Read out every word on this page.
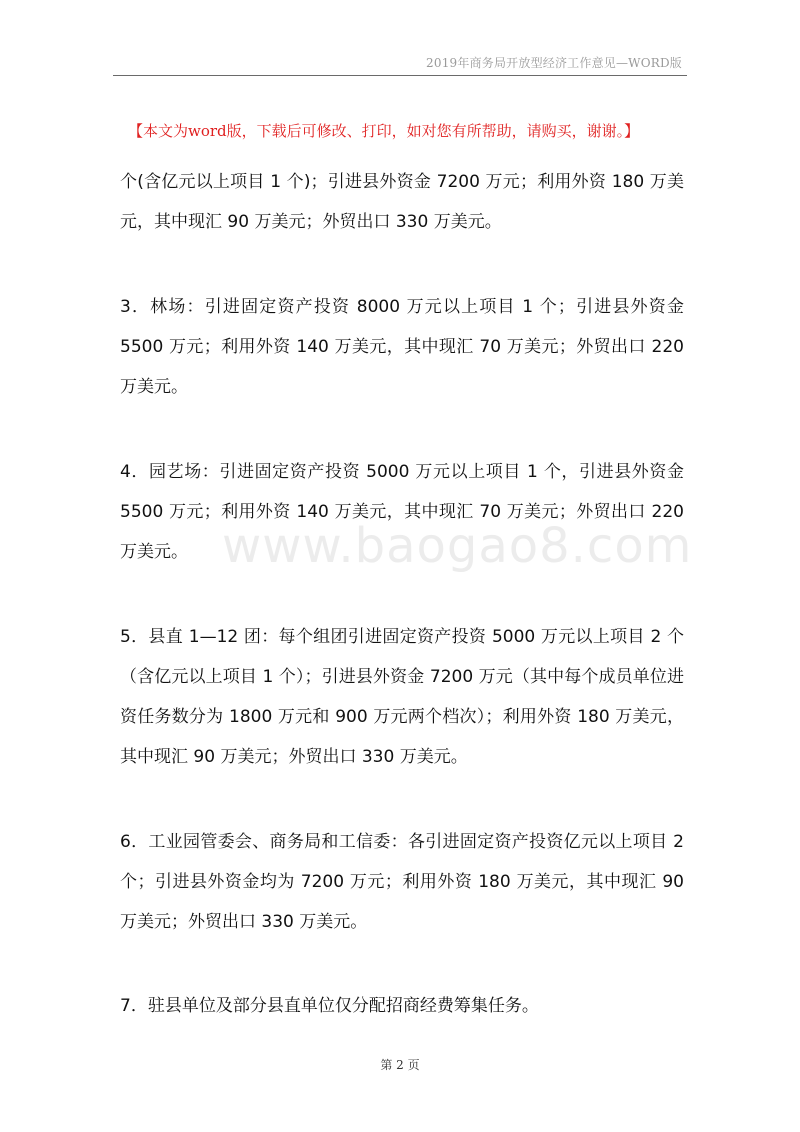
2019年商务局开放型经济工作意见—WORD版
【本文为word版，下载后可修改、打印，如对您有所帮助，请购买，谢谢。】

个(含亿元以上项目 1 个)；引进县外资金 7200 万元；利用外资 180 万美元，其中现汇 90 万美元；外贸出口 330 万美元。

3．林场：引进固定资产投资 8000 万元以上项目 1 个；引进县外资金 5500 万元；利用外资 140 万美元，其中现汇 70 万美元；外贸出口 220 万美元。

4．园艺场：引进固定资产投资 5000 万元以上项目 1 个，引进县外资金 5500 万元；利用外资 140 万美元，其中现汇 70 万美元；外贸出口 220 万美元。

5．县直 1—12 团：每个组团引进固定资产投资 5000 万元以上项目 2 个（含亿元以上项目 1 个）；引进县外资金 7200 万元（其中每个成员单位进资任务数分为 1800 万元和 900 万元两个档次）；利用外资 180 万美元，其中现汇 90 万美元；外贸出口 330 万美元。

6．工业园管委会、商务局和工信委：各引进固定资产投资亿元以上项目 2 个；引进县外资金均为 7200 万元；利用外资 180 万美元，其中现汇 90 万美元；外贸出口 330 万美元。

7．驻县单位及部分县直单位仅分配招商经费筹集任务。

www.baogao8.com
第 2 页
